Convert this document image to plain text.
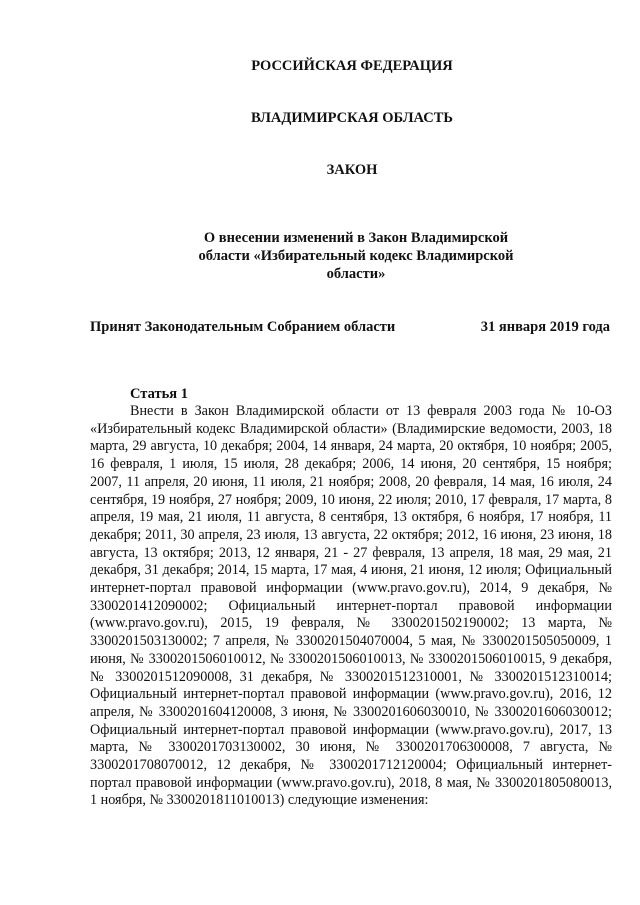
РОССИЙСКАЯ ФЕДЕРАЦИЯ
ВЛАДИМИРСКАЯ ОБЛАСТЬ
ЗАКОН

О внесении изменений в Закон Владимирской области «Избирательный кодекс Владимирской области»

Принят Законодательным Собранием области	31 января 2019 года

Статья 1

Внести в Закон Владимирской области от 13 февраля 2003 года № 10-ОЗ «Избирательный кодекс Владимирской области» (Владимирские ведомости, 2003, 18 марта, 29 августа, 10 декабря; 2004, 14 января, 24 марта, 20 октября, 10 ноября; 2005, 16 февраля, 1 июля, 15 июля, 28 декабря; 2006, 14 июня, 20 сентября, 15 ноября; 2007, 11 апреля, 20 июня, 11 июля, 21 ноября; 2008, 20 февраля, 14 мая, 16 июля, 24 сентября, 19 ноября, 27 ноября; 2009, 10 июня, 22 июля; 2010, 17 февраля, 17 марта, 8 апреля, 19 мая, 21 июля, 11 августа, 8 сентября, 13 октября, 6 ноября, 17 ноября, 11 декабря; 2011, 30 апреля, 23 июля, 13 августа, 22 октября; 2012, 16 июня, 23 июня, 18 августа, 13 октября; 2013, 12 января, 21 - 27 февраля, 13 апреля, 18 мая, 29 мая, 21 декабря, 31 декабря; 2014, 15 марта, 17 мая, 4 июня, 21 июня, 12 июля; Официальный интернет-портал правовой информации (www.pravo.gov.ru), 2014, 9 декабря, № 3300201412090002; Официальный интернет-портал правовой информации (www.pravo.gov.ru), 2015, 19 февраля, № 3300201502190002; 13 марта, № 3300201503130002; 7 апреля, № 3300201504070004, 5 мая, № 3300201505050009, 1 июня, № 3300201506010012, № 3300201506010013, № 3300201506010015, 9 декабря, № 3300201512090008, 31 декабря, № 3300201512310001, № 3300201512310014; Официальный интернет-портал правовой информации (www.pravo.gov.ru), 2016, 12 апреля, № 3300201604120008, 3 июня, № 3300201606030010, № 3300201606030012; Официальный интернет-портал правовой информации (www.pravo.gov.ru), 2017, 13 марта, № 3300201703130002, 30 июня, № 3300201706300008, 7 августа, № 3300201708070012, 12 декабря, № 3300201712120004; Официальный интернет-портал правовой информации (www.pravo.gov.ru), 2018, 8 мая, № 3300201805080013, 1 ноября, № 3300201811010013) следующие изменения:
